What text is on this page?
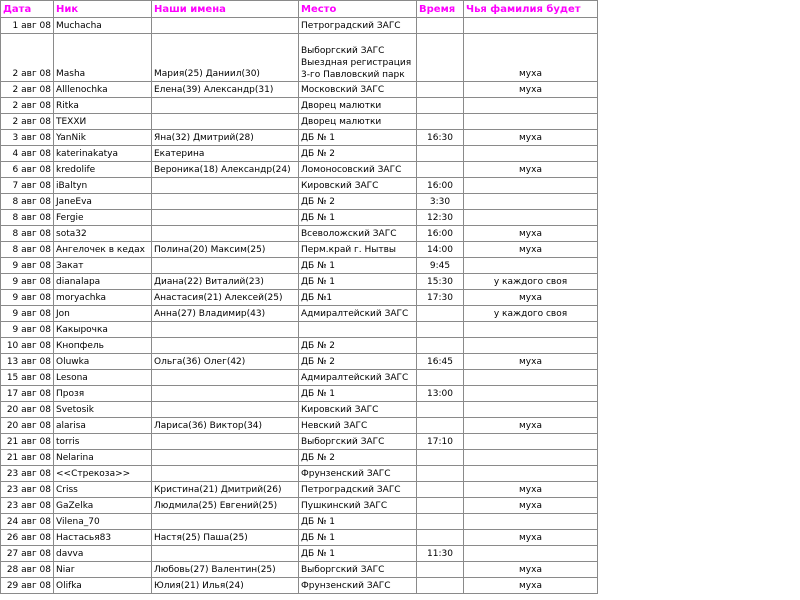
Дата	Ник	Наши имена	Место	Время	Чья фамилия будет
1 авг 08	Muchacha		Петроградский ЗАГС		
2 авг 08	Masha	Мария(25) Даниил(30)	Выборгский ЗАГС
Выездная регистрация
3-го Павловский парк		муха
2 авг 08	Alllenochka	Елена(39) Александр(31)	Московский ЗАГС		муха
2 авг 08	Ritka		Дворец малютки		
2 авг 08	TEXXИ		Дворец малютки		
3 авг 08	YanNik	Яна(32) Дмитрий(28)	ДБ № 1	16:30	муха
4 авг 08	katerinakatya	Екатерина	ДБ № 2		
6 авг 08	kredolife	Вероника(18) Александр(24)	Ломоносовский ЗАГС		муха
7 авг 08	iBaltyn		Кировский ЗАГС	16:00	
8 авг 08	JaneEva		ДБ № 2	3:30	
8 авг 08	Fergie		ДБ № 1	12:30	
8 авг 08	sota32		Всеволожский ЗАГС	16:00	муха
8 авг 08	Ангелочек в кедах	Полина(20) Максим(25)	Перм.край г. Нытвы	14:00	муха
9 авг 08	Закат		ДБ № 1	9:45	
9 авг 08	dianalapa	Диана(22) Виталий(23)	ДБ № 1	15:30	у каждого своя
9 авг 08	moryachka	Анастасия(21) Алексей(25)	ДБ №1	17:30	муха
9 авг 08	Jon	Анна(27) Владимир(43)	Адмиралтейский ЗАГС		у каждого своя
9 авг 08	Какырочка				
10 авг 08	Кнопфель		ДБ № 2		
13 авг 08	Oluwka	Ольга(36) Олег(42)	ДБ № 2	16:45	муха
15 авг 08	Lesona		Адмиралтейский ЗАГС		
17 авг 08	Прозя		ДБ № 1	13:00	
20 авг 08	Svetosik		Кировский ЗАГС		
20 авг 08	alarisa	Лариса(36) Виктор(34)	Невский ЗАГС		муха
21 авг 08	torris		Выборгский ЗАГС	17:10	
21 авг 08	Nelarina		ДБ № 2		
23 авг 08	<<Стрекоза>>		Фрунзенский ЗАГС		
23 авг 08	Criss	Кристина(21) Дмитрий(26)	Петроградский ЗАГС		муха
23 авг 08	GaZelka	Людмила(25) Евгений(25)	Пушкинский ЗАГС		муха
24 авг 08	Vilena_70		ДБ № 1		
26 авг 08	Настасья83	Настя(25) Паша(25)	ДБ № 1		муха
27 авг 08	davva		ДБ № 1	11:30	
28 авг 08	Niar	Любовь(27) Валентин(25)	Выборгский ЗАГС		муха
29 авг 08	Olifka	Юлия(21) Илья(24)	Фрунзенский ЗАГС		муха
